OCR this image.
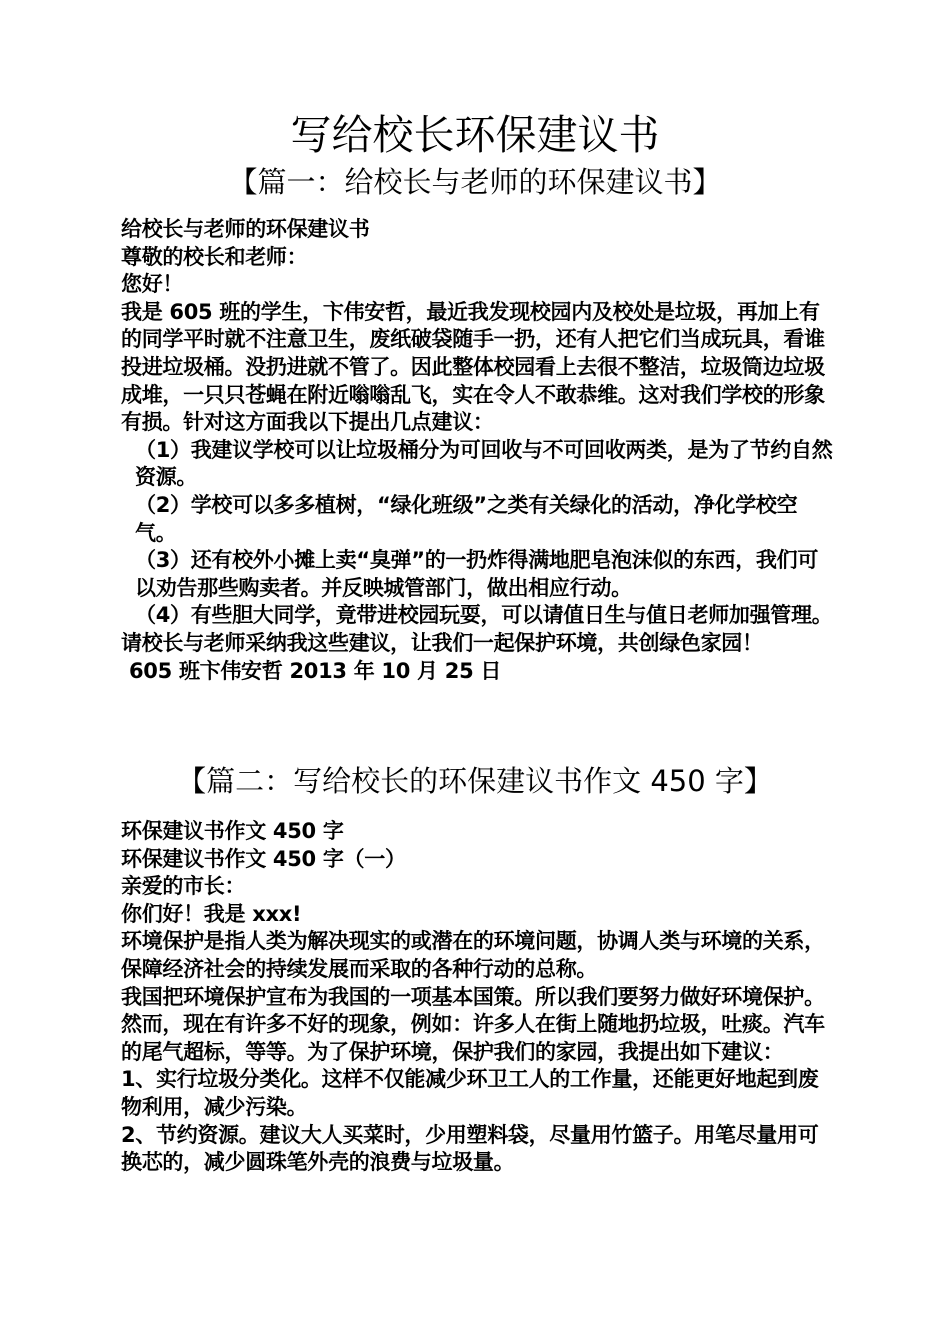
写给校长环保建议书
【篇一：给校长与老师的环保建议书】

给校长与老师的环保建议书

尊敬的校长和老师：

您好！

我是 605 班的学生，卞伟安哲，最近我发现校园内及校处是垃圾，再加上有的同学平时就不注意卫生，废纸破袋随手一扔，还有人把它们当成玩具，看谁投进垃圾桶。没扔进就不管了。因此整体校园看上去很不整洁，垃圾筒边垃圾成堆，一只只苍蝇在附近嗡嗡乱飞，实在令人不敢恭维。这对我们学校的形象有损。针对这方面我以下提出几点建议：

（1）我建议学校可以让垃圾桶分为可回收与不可回收两类，是为了节约自然资源。

（2）学校可以多多植树，“绿化班级”之类有关绿化的活动，净化学校空气。

（3）还有校外小摊上卖“臭弹”的一扔炸得满地肥皂泡沫似的东西，我们可以劝告那些购卖者。并反映城管部门，做出相应行动。

（4）有些胆大同学，竟带进校园玩耍，可以请值日生与值日老师加强管理。

请校长与老师采纳我这些建议，让我们一起保护环境，共创绿色家园！

605 班卞伟安哲 2013 年 10 月 25 日

【篇二：写给校长的环保建议书作文 450 字】

环保建议书作文 450 字

环保建议书作文 450 字（一）

亲爱的市长：

你们好！我是 xxx!

环境保护是指人类为解决现实的或潜在的环境问题，协调人类与环境的关系，保障经济社会的持续发展而采取的各种行动的总称。

我国把环境保护宣布为我国的一项基本国策。所以我们要努力做好环境保护。然而，现在有许多不好的现象，例如：许多人在街上随地扔垃圾，吐痰。汽车的尾气超标，等等。为了保护环境，保护我们的家园，我提出如下建议：

1、实行垃圾分类化。这样不仅能减少环卫工人的工作量，还能更好地起到废物利用，减少污染。

2、节约资源。建议大人买菜时，少用塑料袋，尽量用竹篮子。用笔尽量用可换芯的，减少圆珠笔外壳的浪费与垃圾量。
